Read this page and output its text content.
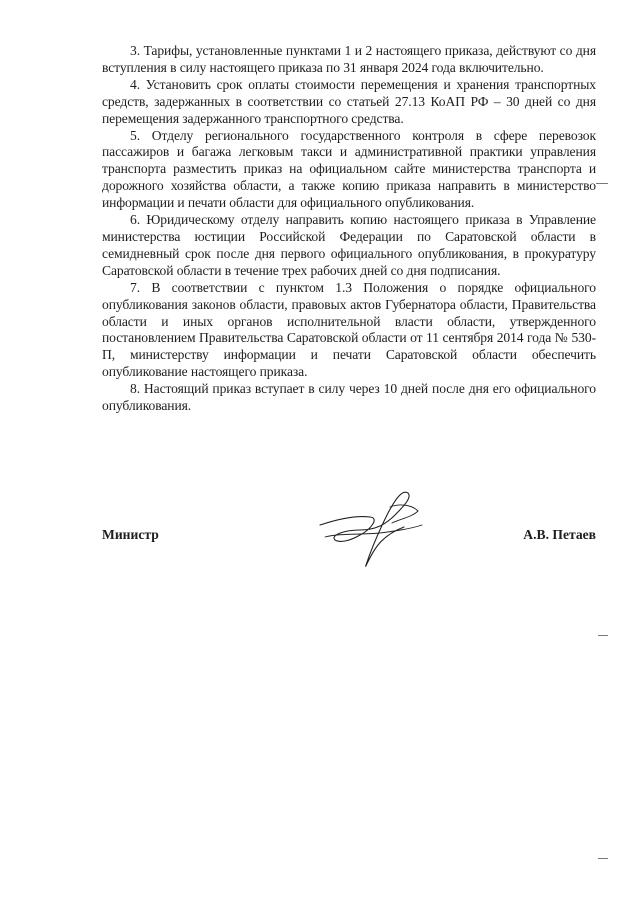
3. Тарифы, установленные пунктами 1 и 2 настоящего приказа, действуют со дня вступления в силу настоящего приказа по 31 января 2024 года включительно.

4. Установить срок оплаты стоимости перемещения и хранения транспортных средств, задержанных в соответствии со статьей 27.13 КоАП РФ – 30 дней со дня перемещения задержанного транспортного средства.

5. Отделу регионального государственного контроля в сфере перевозок пассажиров и багажа легковым такси и административной практики управления транспорта разместить приказ на официальном сайте министерства транспорта и дорожного хозяйства области, а также копию приказа направить в министерство информации и печати области для официального опубликования.

6. Юридическому отделу направить копию настоящего приказа в Управление министерства юстиции Российской Федерации по Саратовской области в семидневный срок после дня первого официального опубликования, в прокуратуру Саратовской области в течение трех рабочих дней со дня подписания.

7. В соответствии с пунктом 1.3 Положения о порядке официального опубликования законов области, правовых актов Губернатора области, Правительства области и иных органов исполнительной власти области, утвержденного постановлением Правительства Саратовской области от 11 сентября 2014 года № 530-П, министерству информации и печати Саратовской области обеспечить опубликование настоящего приказа.

8. Настоящий приказ вступает в силу через 10 дней после дня его официального опубликования.

Министр	А.В. Петаев
